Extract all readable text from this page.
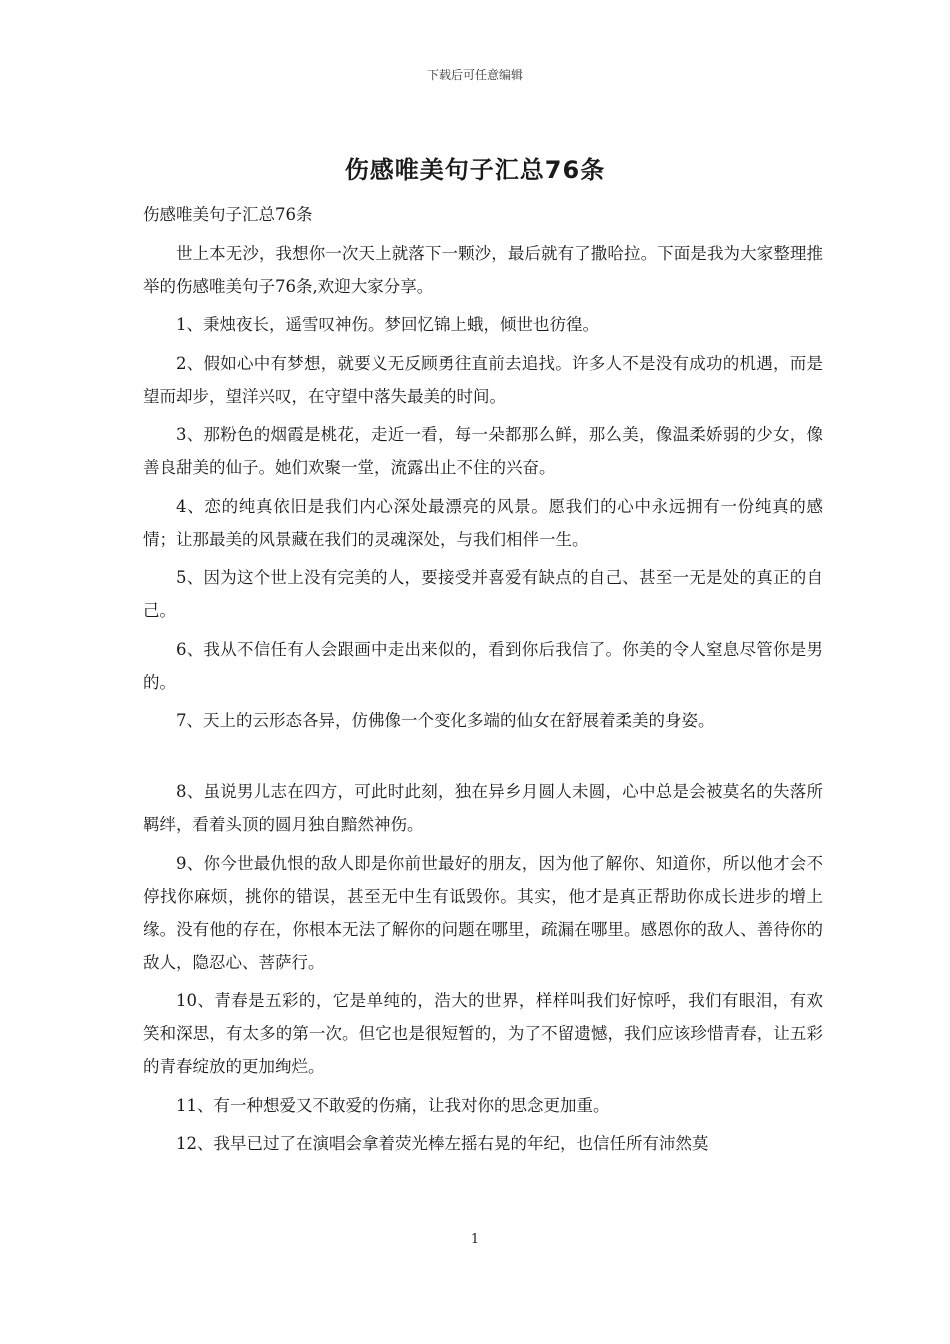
下载后可任意编辑
伤感唯美句子汇总76条

伤感唯美句子汇总76条

世上本无沙，我想你一次天上就落下一颗沙，最后就有了撒哈拉。下面是我为大家整理推举的伤感唯美句子76条,欢迎大家分享。

1、秉烛夜长，遥雪叹神伤。梦回忆锦上蛾，倾世也彷徨。

2、假如心中有梦想，就要义无反顾勇往直前去追找。许多人不是没有成功的机遇，而是望而却步，望洋兴叹，在守望中落失最美的时间。

3、那粉色的烟霞是桃花，走近一看，每一朵都那么鲜，那么美，像温柔娇弱的少女，像善良甜美的仙子。她们欢聚一堂，流露出止不住的兴奋。

4、恋的纯真依旧是我们内心深处最漂亮的风景。愿我们的心中永远拥有一份纯真的感情；让那最美的风景藏在我们的灵魂深处，与我们相伴一生。

5、因为这个世上没有完美的人，要接受并喜爱有缺点的自己、甚至一无是处的真正的自己。

6、我从不信任有人会跟画中走出来似的，看到你后我信了。你美的令人窒息尽管你是男的。

7、天上的云形态各异，仿佛像一个变化多端的仙女在舒展着柔美的身姿。

8、虽说男儿志在四方，可此时此刻，独在异乡月圆人未圆，心中总是会被莫名的失落所羁绊，看着头顶的圆月独自黯然神伤。

9、你今世最仇恨的敌人即是你前世最好的朋友，因为他了解你、知道你，所以他才会不停找你麻烦，挑你的错误，甚至无中生有诋毁你。其实，他才是真正帮助你成长进步的增上缘。没有他的存在，你根本无法了解你的问题在哪里，疏漏在哪里。感恩你的敌人、善待你的敌人，隐忍心、菩萨行。

10、青春是五彩的，它是单纯的，浩大的世界，样样叫我们好惊呼，我们有眼泪，有欢笑和深思，有太多的第一次。但它也是很短暂的，为了不留遗憾，我们应该珍惜青春，让五彩的青春绽放的更加绚烂。

11、有一种想爱又不敢爱的伤痛，让我对你的思念更加重。

12、我早已过了在演唱会拿着荧光棒左摇右晃的年纪，也信任所有沛然莫

1
